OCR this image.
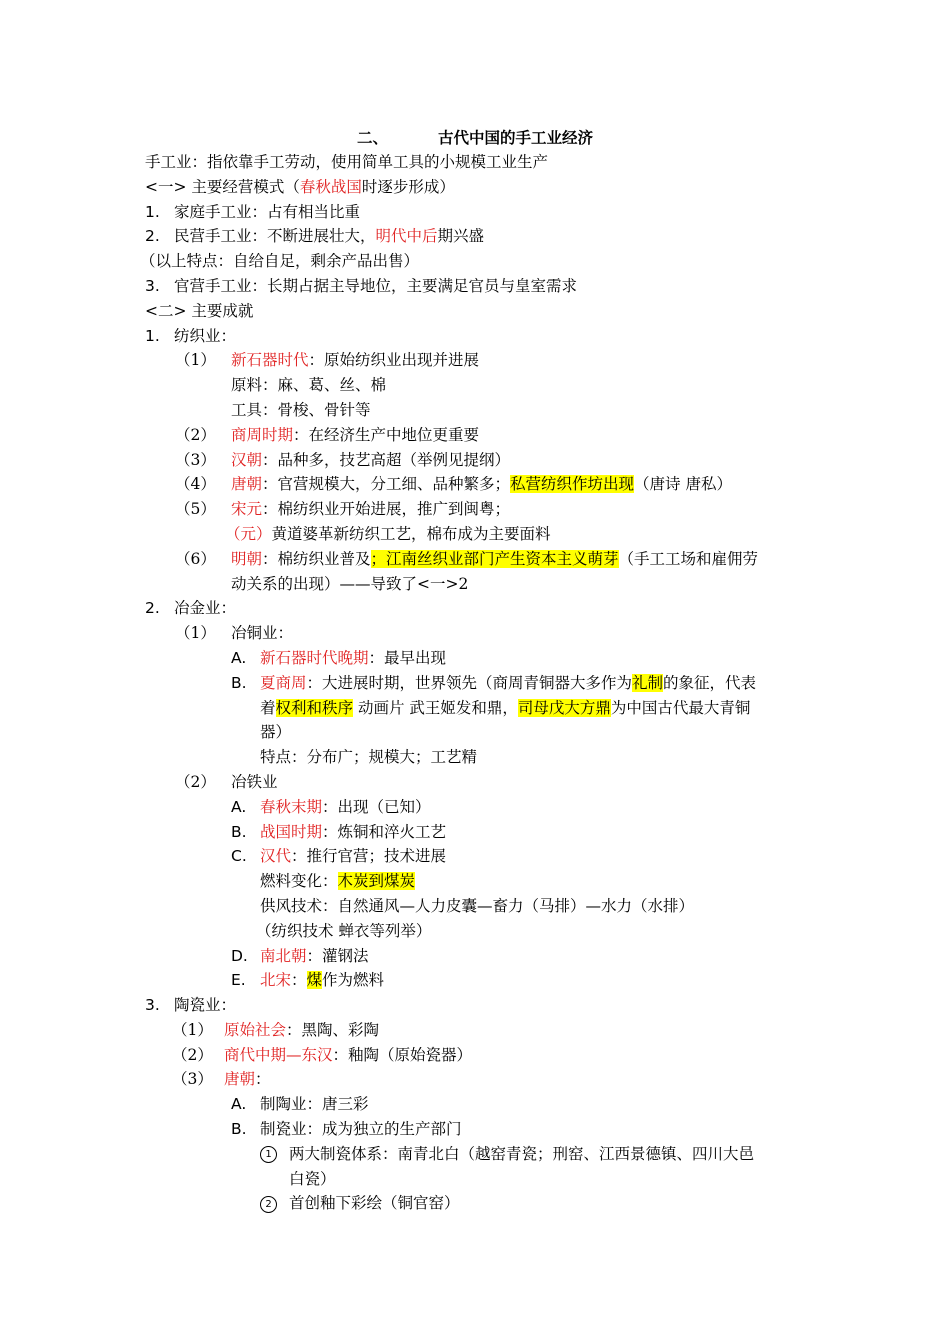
二、	古代中国的手工业经济
手工业：指依靠手工劳动，使用简单工具的小规模工业生产
<一> 主要经营模式（春秋战国时逐步形成）
1. 家庭手工业：占有相当比重
2. 民营手工业：不断进展壮大，明代中后期兴盛
（以上特点：自给自足，剩余产品出售）
3. 官营手工业：长期占据主导地位，主要满足官员与皇室需求
<二> 主要成就
1. 纺织业：
（1） 新石器时代：原始纺织业出现并进展
原料：麻、葛、丝、棉
工具：骨梭、骨针等
（2） 商周时期：在经济生产中地位更重要
（3） 汉朝：品种多，技艺高超（举例见提纲）
（4） 唐朝：官营规模大，分工细、品种繁多；私营纺织作坊出现（唐诗 唐私）
（5） 宋元：棉纺织业开始进展，推广到闽粤；
（元）黄道婆革新纺织工艺，棉布成为主要面料
（6） 明朝：棉纺织业普及；江南丝织业部门产生资本主义萌芽（手工工场和雇佣劳
动关系的出现）——导致了<一>2
2. 冶金业：
（1） 冶铜业：
A. 新石器时代晚期：最早出现
B. 夏商周：大进展时期，世界领先（商周青铜器大多作为礼制的象征，代表
着权利和秩序 动画片 武王姬发和鼎，司母戊大方鼎为中国古代最大青铜
器）
特点：分布广；规模大；工艺精
（2） 冶铁业
A. 春秋末期：出现（已知）
B. 战国时期：炼铜和淬火工艺
C. 汉代：推行官营；技术进展
燃料变化：木炭到煤炭
供风技术：自然通风—人力皮囊—畜力（马排）—水力（水排）
（纺织技术 蝉衣等列举）
D. 南北朝：灌钢法
E. 北宋：煤作为燃料
3. 陶瓷业：
（1） 原始社会：黑陶、彩陶
（2） 商代中期—东汉：釉陶（原始瓷器）
（3） 唐朝：
A. 制陶业：唐三彩
B. 制瓷业：成为独立的生产部门
1	两大制瓷体系：南青北白（越窑青瓷；刑窑、江西景德镇、四川大邑
白瓷）
2	首创釉下彩绘（铜官窑）
